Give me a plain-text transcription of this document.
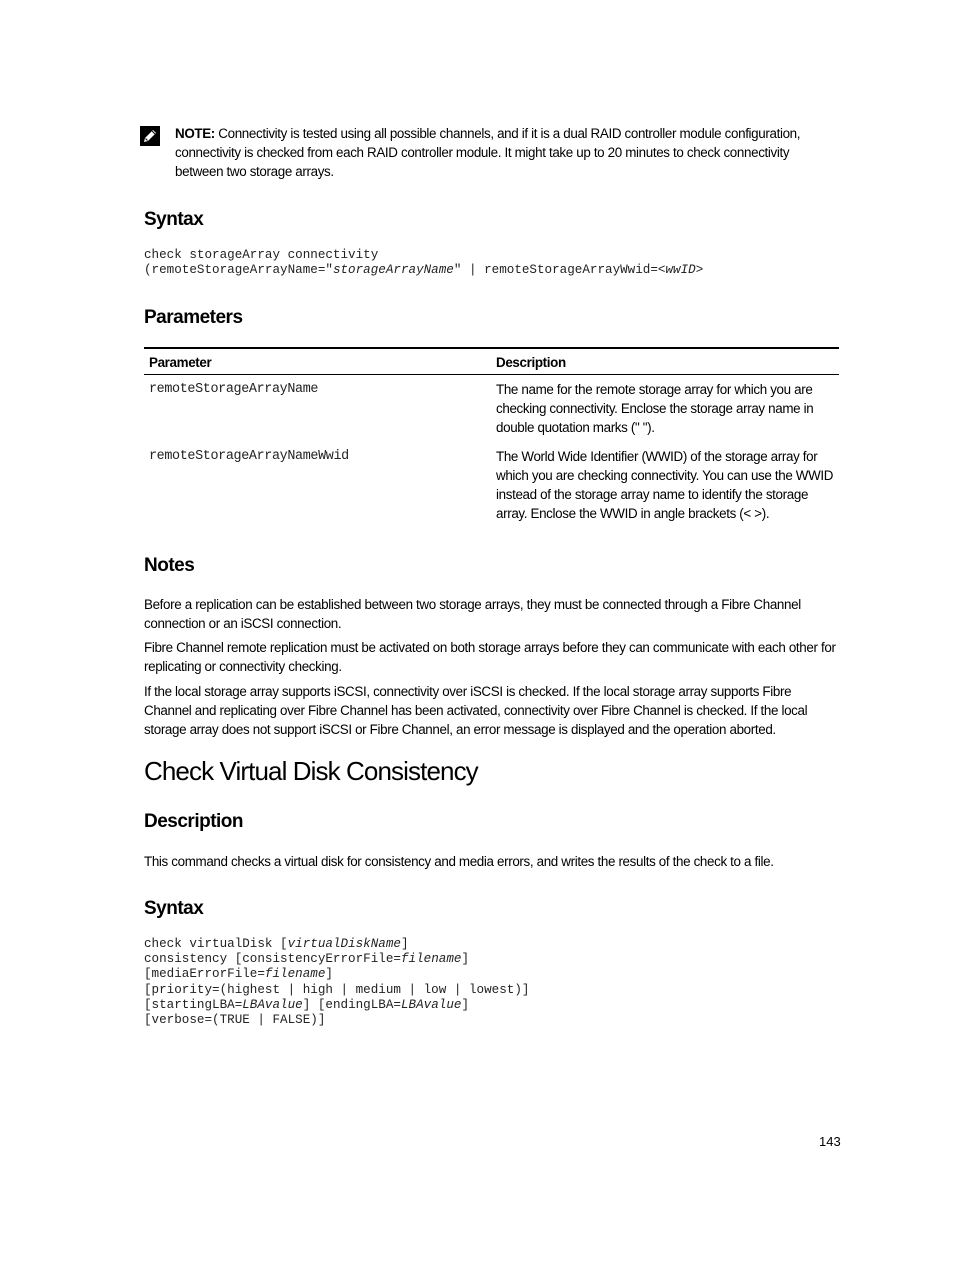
NOTE: Connectivity is tested using all possible channels, and if it is a dual RAID controller module configuration, connectivity is checked from each RAID controller module. It might take up to 20 minutes to check connectivity between two storage arrays.
Syntax
check storageArray connectivity
(remoteStorageArrayName="storageArrayName" | remoteStorageArrayWwid=<wwID>
Parameters
Parameter	Description
remoteStorageArrayName	The name for the remote storage array for which you are checking connectivity. Enclose the storage array name in double quotation marks (" ").
remoteStorageArrayNameWwid	The World Wide Identifier (WWID) of the storage array for which you are checking connectivity. You can use the WWID instead of the storage array name to identify the storage array. Enclose the WWID in angle brackets (< >).
Notes

Before a replication can be established between two storage arrays, they must be connected through a Fibre Channel connection or an iSCSI connection.

Fibre Channel remote replication must be activated on both storage arrays before they can communicate with each other for replicating or connectivity checking.

If the local storage array supports iSCSI, connectivity over iSCSI is checked. If the local storage array supports Fibre Channel and replicating over Fibre Channel has been activated, connectivity over Fibre Channel is checked. If the local storage array does not support iSCSI or Fibre Channel, an error message is displayed and the operation aborted.

Check Virtual Disk Consistency
Description

This command checks a virtual disk for consistency and media errors, and writes the results of the check to a file.

Syntax
check virtualDisk [virtualDiskName]
consistency [consistencyErrorFile=filename]
[mediaErrorFile=filename]
[priority=(highest | high | medium | low | lowest)]
[startingLBA=LBAvalue] [endingLBA=LBAvalue]
[verbose=(TRUE | FALSE)]
143
